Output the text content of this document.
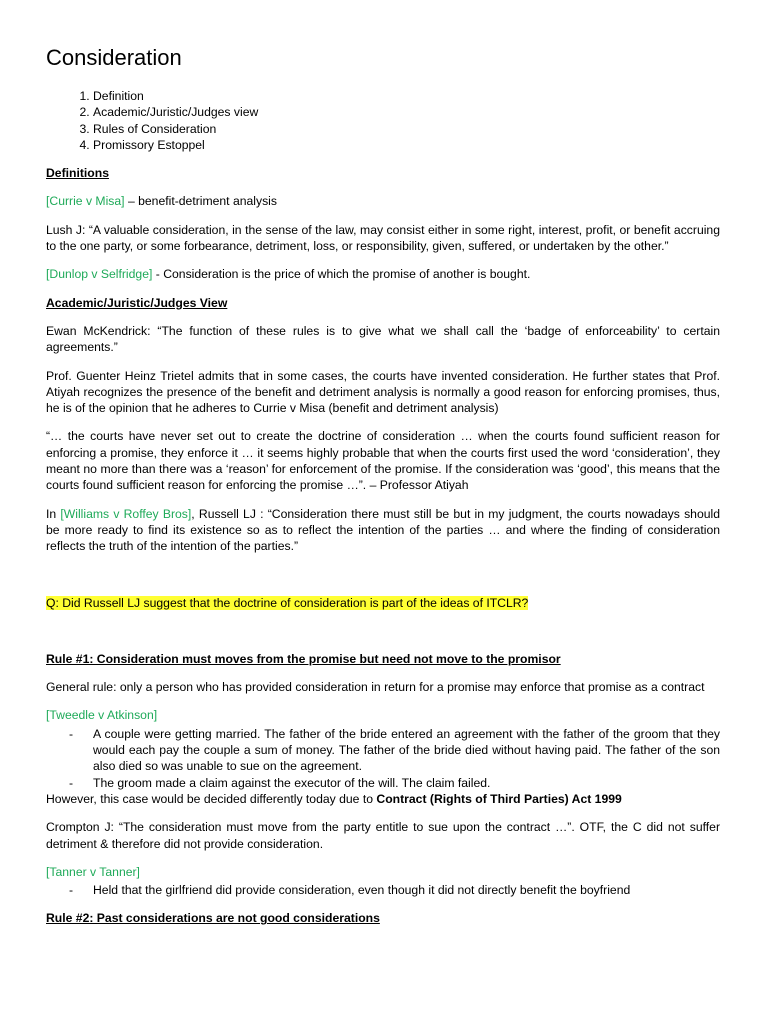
Consideration
1. Definition
2. Academic/Juristic/Judges view
3. Rules of Consideration
4. Promissory Estoppel
Definitions

[Currie v Misa] – benefit-detriment analysis

Lush J: “A valuable consideration, in the sense of the law, may consist either in some right, interest, profit, or benefit accruing to the one party, or some forbearance, detriment, loss, or responsibility, given, suffered, or undertaken by the other.”

[Dunlop v Selfridge] - Consideration is the price of which the promise of another is bought.

Academic/Juristic/Judges View

Ewan McKendrick: “The function of these rules is to give what we shall call the ‘badge of enforceability’ to certain agreements.”

Prof. Guenter Heinz Trietel admits that in some cases, the courts have invented consideration. He further states that Prof. Atiyah recognizes the presence of the benefit and detriment analysis is normally a good reason for enforcing promises, thus, he is of the opinion that he adheres to Currie v Misa (benefit and detriment analysis)

“… the courts have never set out to create the doctrine of consideration … when the courts found sufficient reason for enforcing a promise, they enforce it … it seems highly probable that when the courts first used the word ‘consideration’, they meant no more than there was a ‘reason’ for enforcement of the promise. If the consideration was ‘good’, this means that the courts found sufficient reason for enforcing the promise …”. – Professor Atiyah

In [Williams v Roffey Bros], Russell LJ : “Consideration there must still be but in my judgment, the courts nowadays should be more ready to find its existence so as to reflect the intention of the parties … and where the finding of consideration reflects the truth of the intention of the parties.”

Q: Did Russell LJ suggest that the doctrine of consideration is part of the ideas of ITCLR?

Rule #1: Consideration must moves from the promise but need not move to the promisor

General rule: only a person who has provided consideration in return for a promise may enforce that promise as a contract

[Tweedle v Atkinson]
- A couple were getting married. The father of the bride entered an agreement with the father of the groom that they would each pay the couple a sum of money. The father of the bride died without having paid. The father of the son also died so was unable to sue on the agreement.
- The groom made a claim against the executor of the will. The claim failed.
However, this case would be decided differently today due to Contract (Rights of Third Parties) Act 1999

Crompton J: “The consideration must move from the party entitle to sue upon the contract …”. OTF, the C did not suffer detriment & therefore did not provide consideration.

[Tanner v Tanner]
- Held that the girlfriend did provide consideration, even though it did not directly benefit the boyfriend
Rule #2: Past considerations are not good considerations
